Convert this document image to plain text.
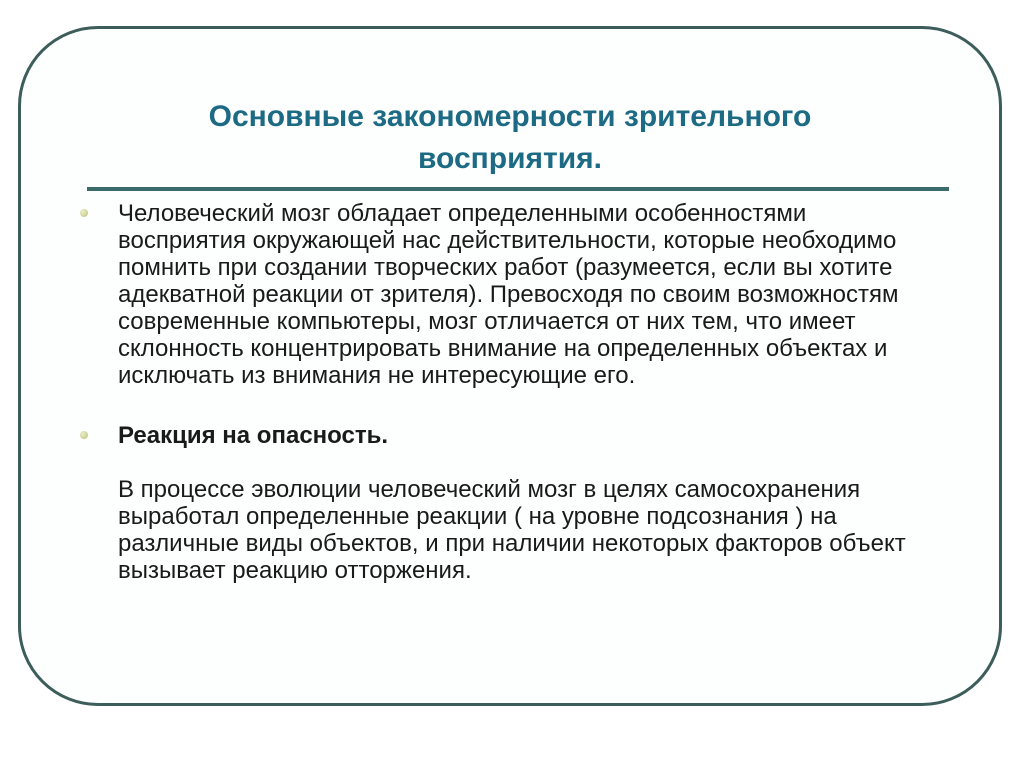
Основные закономерности зрительного восприятия.

Человеческий мозг обладает определенными особенностями восприятия окружающей нас действительности, которые необходимо помнить при создании творческих работ (разумеется, если вы хотите адекватной реакции от зрителя). Превосходя по своим возможностям современные компьютеры, мозг отличается от них тем, что имеет склонность концентрировать внимание на определенных объектах и исключать из внимания не интересующие его.

Реакция на опасность.

В процессе эволюции человеческий мозг в целях самосохранения выработал определенные реакции ( на уровне подсознания ) на различные виды объектов, и при наличии некоторых факторов объект вызывает реакцию отторжения.
